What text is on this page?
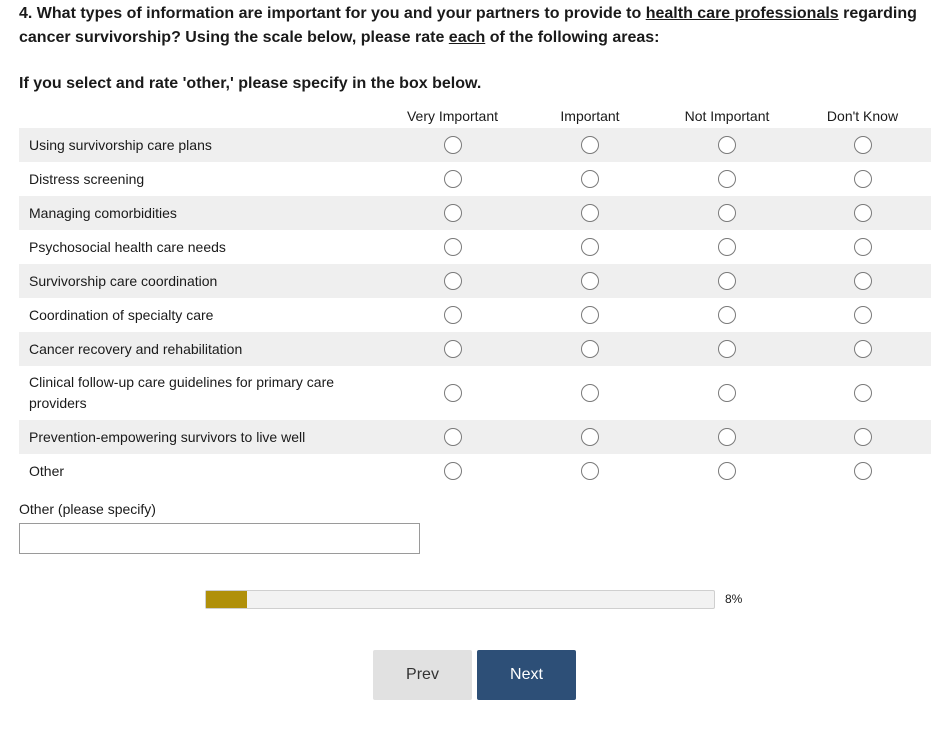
4. What types of information are important for you and your partners to provide to health care professionals regarding cancer survivorship? Using the scale below, please rate each of the following areas:

If you select and rate 'other,' please specify in the box below.

	Very Important	Important	Not Important	Don't Know
Using survivorship care plans				
Distress screening				
Managing comorbidities				
Psychosocial health care needs				
Survivorship care coordination				
Coordination of specialty care				
Cancer recovery and rehabilitation				
Clinical follow-up care guidelines for primary care providers				
Prevention-empowering survivors to live well				
Other				

Other (please specify)

8%
Prev	Next
